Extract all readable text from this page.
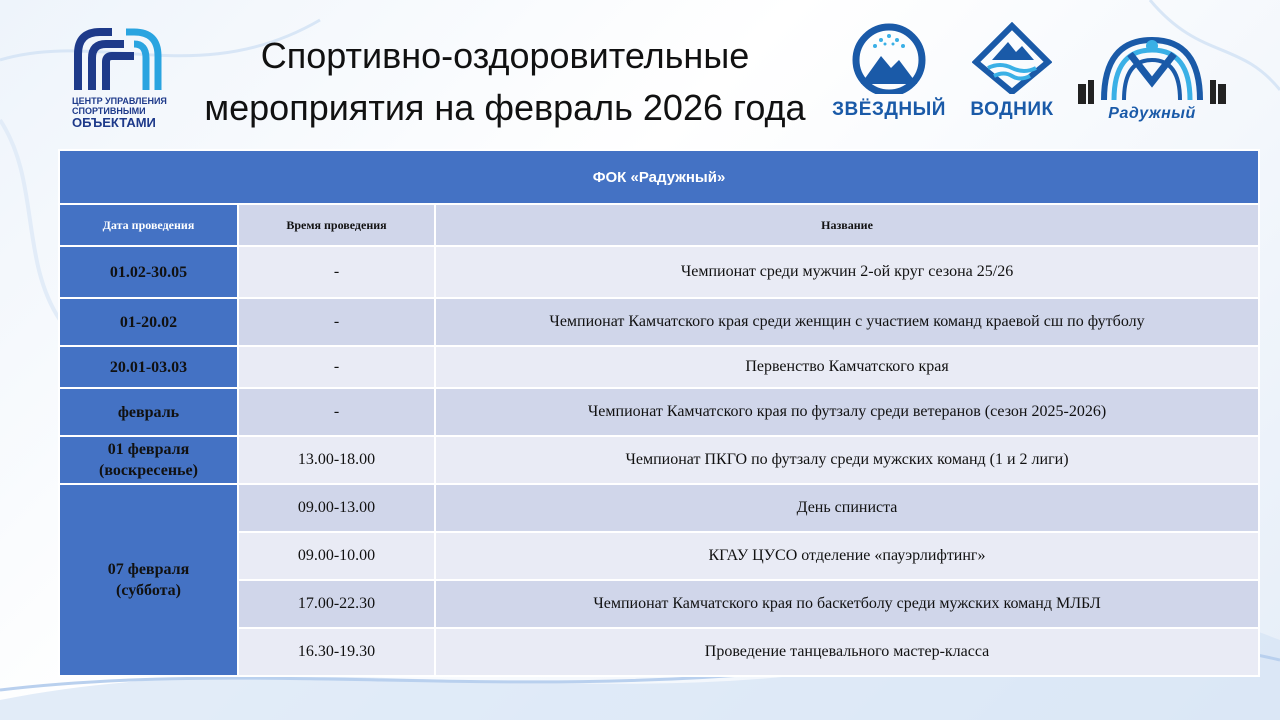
ЦЕНТР УПРАВЛЕНИЯ
СПОРТИВНЫМИ
ОБЪЕКТАМИ
Спортивно-оздоровительные
мероприятия на февраль 2026 года	ЗВЁЗДНЫЙ	ВОДНИК	Радужный
ФОК «Радужный»		
Дата проведения	Время проведения	Название
01.02-30.05	-	Чемпионат среди мужчин 2-ой круг сезона 25/26
01-20.02	-	Чемпионат Камчатского края среди женщин с участием команд краевой сш по футболу
20.01-03.03	-	Первенство Камчатского края
февраль	-	Чемпионат Камчатского края по футзалу среди ветеранов (сезон 2025-2026)

01 февраля
(воскресенье)	13.00-18.00	Чемпионат ПКГО по футзалу среди мужских команд (1 и 2 лиги)

07 февраля
(суббота)	09.00-13.00	День спиниста
	09.00-10.00	КГАУ ЦУСО отделение «пауэрлифтинг»
	17.00-22.30	Чемпионат Камчатского края по баскетболу среди мужских команд МЛБЛ
	16.30-19.30	Проведение танцевального мастер-класса
